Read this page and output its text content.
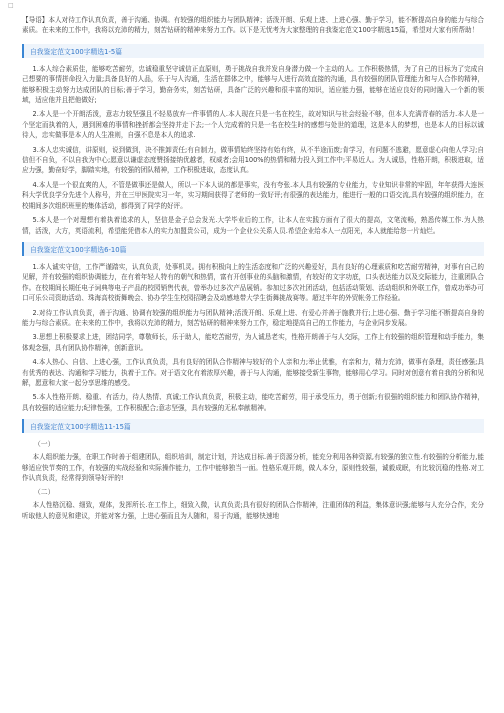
□

【导语】本⼈对待⼯作认真负责，善于沟通、协调。有较强的组织能⼒与团队精神；活泼开朗、乐观上进、上进⼼强、勤于学习，能不断提⾼⾃⾝的能⼒与综合素质。在未来的⼯作中，我将以充沛的精⼒，刻苦钻研的精神来努⼒⼯作。以下是⽆忧考为⼤家整理的⾃我鉴定范⽂100字精选15篇，希望对⼤家有所帮助！

⾃我鉴定范⽂100字精选1-5篇

1.本⼈综合素质佳，能够吃苦耐劳，忠诚稳重坚守诚信正直原则，勇于挑战⾃我并发⾃⾝潜⼒做⼀个主动的⼈。⼯作积极热情，为了⾃⼰的⽬标为了完成⾃⼰想要的事情拼命投⼊⼒量;具备良好的⼈品，乐于与⼈沟通，⽣活在群体之中，能够与⼈进⾏⾼效直接的沟通，具有较强的团队管理能⼒和与⼈合作的精神，能够积极主动努⼒达成团队的⽬标;善于学习，勤奋务实，刻苦钻研，具备⼴泛的兴趣和很丰富的知识，适应能⼒强，能够在适应良好的同时融⼊⼀个新的领域，适应他并且把他做好;

2.本⼈是⼀个开朗活泼，意志⼒较坚强且不轻易放弃⼀件事情的⼈.本⼈现在只是⼀名在校⽣，故对知识与社会经验不够，但本⼈充满青春的活⼒.本⼈是⼀个坚定⽽执着的⼈，遇到困难的事情和挫折都会坚持并⾛下去;⼀个⼈完成着的只是⼀名在校⽣时的感想与处世的道理，这是本⼈的梦想，也是本⼈的⽬标以诚待⼈，忠实做事是本⼈的⼈⽣准则，⾃强不息是本⼈的追求.

3.本⼈忠实诚信，讲原则，说到做到，决不推卸责任;有⾃制⼒，做事情始终坚持有始有终，从不半途⽽废;肯学习，有问题不逃避，愿意虚⼼向他⼈学习;⾃信但不⾃负，不以⾃我为中⼼;愿意以谦虚态度赞扬接纳优越者，权威者;会⽤100%的热情和精⼒投⼊到⼯作中;平易近⼈。为⼈诚恳，性格开朗，积极进取，适应⼒强，勤奋好学，脚踏实地，有较强的团队精神，⼯作积极进取，态度认真。

4.本⼈是⼀个很直爽的⼈，不管是做事还是做⼈，所以⼀下本⼈说的都是事实，没有夸张.本⼈具有较强的专业能⼒，专业知识⾮常的牢固，年年获得⼤连医科⼤学优良学分先进个⼈称号，并在三甲医院实习⼀年，实习期间获得了⽼师的⼀致好评;有很强的表达能⼒，能进⾏⼀般的⼝语交流,具有较强的组织能⼒，在校期间多次组织班⾥的集体活动，都得到了同学的好评。

5.本⼈是⼀个对理想有着执着追求的⼈，坚信是⾦⼦总会发光.⼤学毕业后的⼯作，让本⼈在实践⽅⾯有了很⼤的提⾼，⽂笔流畅，熟悉传媒⼯作.为⼈热情，活泼，⼤⽅，英语流利，希望能凭借本⼈的实⼒加盟贵公司，成为⼀个企业公关系⼈员.希望企业给本⼈⼀点阳光，本⼈就能给您⼀⽚灿烂。

⾃我鉴定范⽂100字精选6-10篇

1.本⼈诚实守信，⼯作严谨踏实，认真负责，处事机灵。拥有积极向上的⽣活态度和⼴泛的兴趣爱好，具有良好的⼼理素质和吃苦耐劳精神，对事有⾃⼰的见解，并有较强的组织协调能⼒，在有着年轻⼈特有的朝⽓和热情，富有开创事业的头脑和激情，有较好的⽂字功底，⼝头表达能⼒以及交际能⼒，注重团队合作。在校期间长期任电⼦词典等电⼦产品的校园销售代表，曾举办过多次产品展销。参加过多次社团活动，包括活动策划、活动组织和外联⼯作，曾成功举办可⼝可乐公司资助活动、珠海⾼校街舞晚会、协办学⽣⽣校园招聘会及动感地带⼤学⽣街舞挑战赛等。超过半年的外贸帐务⼯作经验。

2.对待⼯作认真负责，善于沟通、协调有较强的组织能⼒与团队精神;活泼开朗、乐观上进、有爱⼼并善于施教并⾏;上进⼼强、勤于学习能不断提⾼⾃⾝的能⼒与综合素质。在未来的⼯作中，我将以充沛的精⼒，刻苦钻研的精神来努⼒⼯作，稳定地提⾼⾃⼰的⼯作能⼒，与企业同步发展。

3.思想上积极要求上进，团结同学，尊敬师长，乐于助⼈，能吃苦耐劳，为⼈诚恳⽼实，性格开朗善于与⼈交际，⼯作上有较强的组织管理和动⼿能⼒，集体观念强，具有团队协作精神，创新意识。

4.本⼈热⼼、⾃信、上进⼼强，⼯作认真负责，具有良好的团队合作精神与较好的个⼈亲和⼒;举⽌优雅，有亲和⼒，精⼒充沛，做事有条理，责任感强;具有优秀的表达、沟通和学习能⼒，执着于⼯作。对于语⽂化有着浓厚兴趣，善于与⼈沟通，能够接受新⽣事物，能够⽤⼼学习。同时对创意有着⾃我的分析和见解，愿意和⼤家⼀起分享思维的感受。

5.本⼈性格开朗、稳重、有活⼒，待⼈热情、真诚;⼯作认真负责，积极主动，能吃苦耐劳，⽤于承受压⼒，勇于创新;有很强的组织能⼒和团队协作精神，具有较强的适应能⼒;纪律性强，⼯作积极配合;意志坚强，具有较强的⽆私奉献精神。

⾃我鉴定范⽂100字精选11-15篇
（⼀）

本⼈组织能⼒强，在职⼯作时善于组建团队，组织培训，制定计划，并达成⽬标.善于资源分析，能充分利⽤各种资源,有较强的独⽴性.有较强的分析能⼒,能够适应快节奏的⼯作，有较强的实战经验和实际操作能⼒，⼯作中能够独当⼀⾯。性格乐观开朗，做⼈本分，原则性较强，诚毅成眠，有⽐较沉稳的性格.对⼯作认真负责，经常得到领导好评的!

（⼆）

本⼈性格沉稳、细致，观体，发挥所长.在⼯作上，细致⼊微，认真负责;具有很好的团队合作精神，注重团体的利益，集体意识强;能够与⼈充分合作，充分听取他⼈的意见和建议，并能对客⼒强，上进⼼强⽽且为⼈随和，易于沟通，能够快速地
